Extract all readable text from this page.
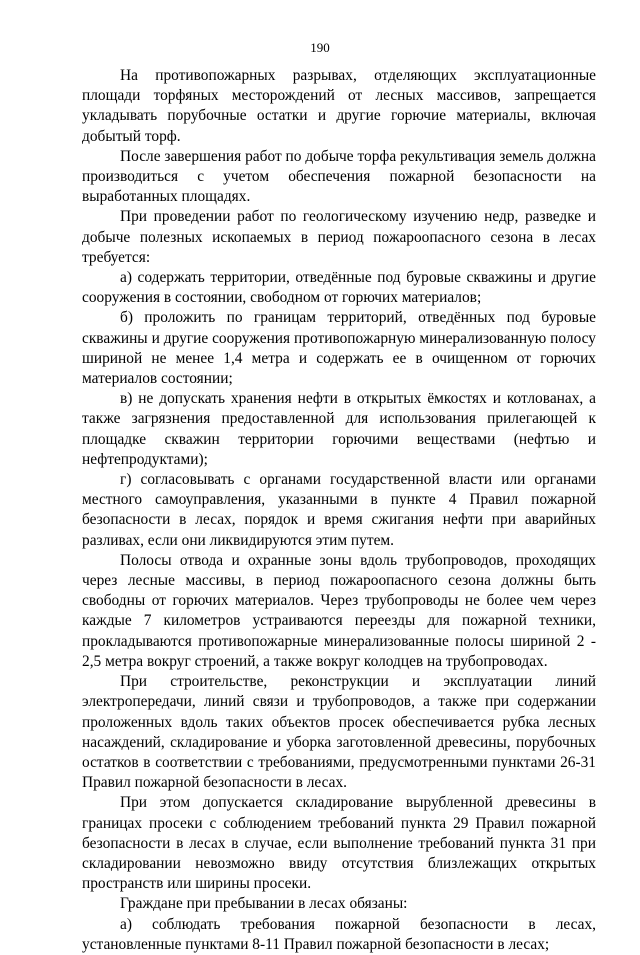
190

На противопожарных разрывах, отделяющих эксплуатационные площади торфяных месторождений от лесных массивов, запрещается укладывать порубочные остатки и другие горючие материалы, включая добытый торф.

После завершения работ по добыче торфа рекультивация земель должна производиться с учетом обеспечения пожарной безопасности на выработанных площадях.

При проведении работ по геологическому изучению недр, разведке и добыче полезных ископаемых в период пожароопасного сезона в лесах требуется:

а) содержать территории, отведённые под буровые скважины и другие сооружения в состоянии, свободном от горючих материалов;

б) проложить по границам территорий, отведённых под буровые скважины и другие сооружения противопожарную минерализованную полосу шириной не менее 1,4 метра и содержать ее в очищенном от горючих материалов состоянии;

в) не допускать хранения нефти в открытых ёмкостях и котлованах, а также загрязнения предоставленной для использования прилегающей к площадке скважин территории горючими веществами (нефтью и нефтепродуктами);

г) согласовывать с органами государственной власти или органами местного самоуправления, указанными в пункте 4 Правил пожарной безопасности в лесах, порядок и время сжигания нефти при аварийных разливах, если они ликвидируются этим путем.

Полосы отвода и охранные зоны вдоль трубопроводов, проходящих через лесные массивы, в период пожароопасного сезона должны быть свободны от горючих материалов. Через трубопроводы не более чем через каждые 7 километров устраиваются переезды для пожарной техники, прокладываются противопожарные минерализованные полосы шириной 2 - 2,5 метра вокруг строений, а также вокруг колодцев на трубопроводах.

При строительстве, реконструкции и эксплуатации линий электропередачи, линий связи и трубопроводов, а также при содержании проложенных вдоль таких объектов просек обеспечивается рубка лесных насаждений, складирование и уборка заготовленной древесины, порубочных остатков в соответствии с требованиями, предусмотренными пунктами 26-31 Правил пожарной безопасности в лесах.

При этом допускается складирование вырубленной древесины в границах просеки с соблюдением требований пункта 29 Правил пожарной безопасности в лесах в случае, если выполнение требований пункта 31 при складировании невозможно ввиду отсутствия близлежащих открытых пространств или ширины просеки.

Граждане при пребывании в лесах обязаны:

а) соблюдать требования пожарной безопасности в лесах, установленные пунктами 8-11 Правил пожарной безопасности в лесах;
